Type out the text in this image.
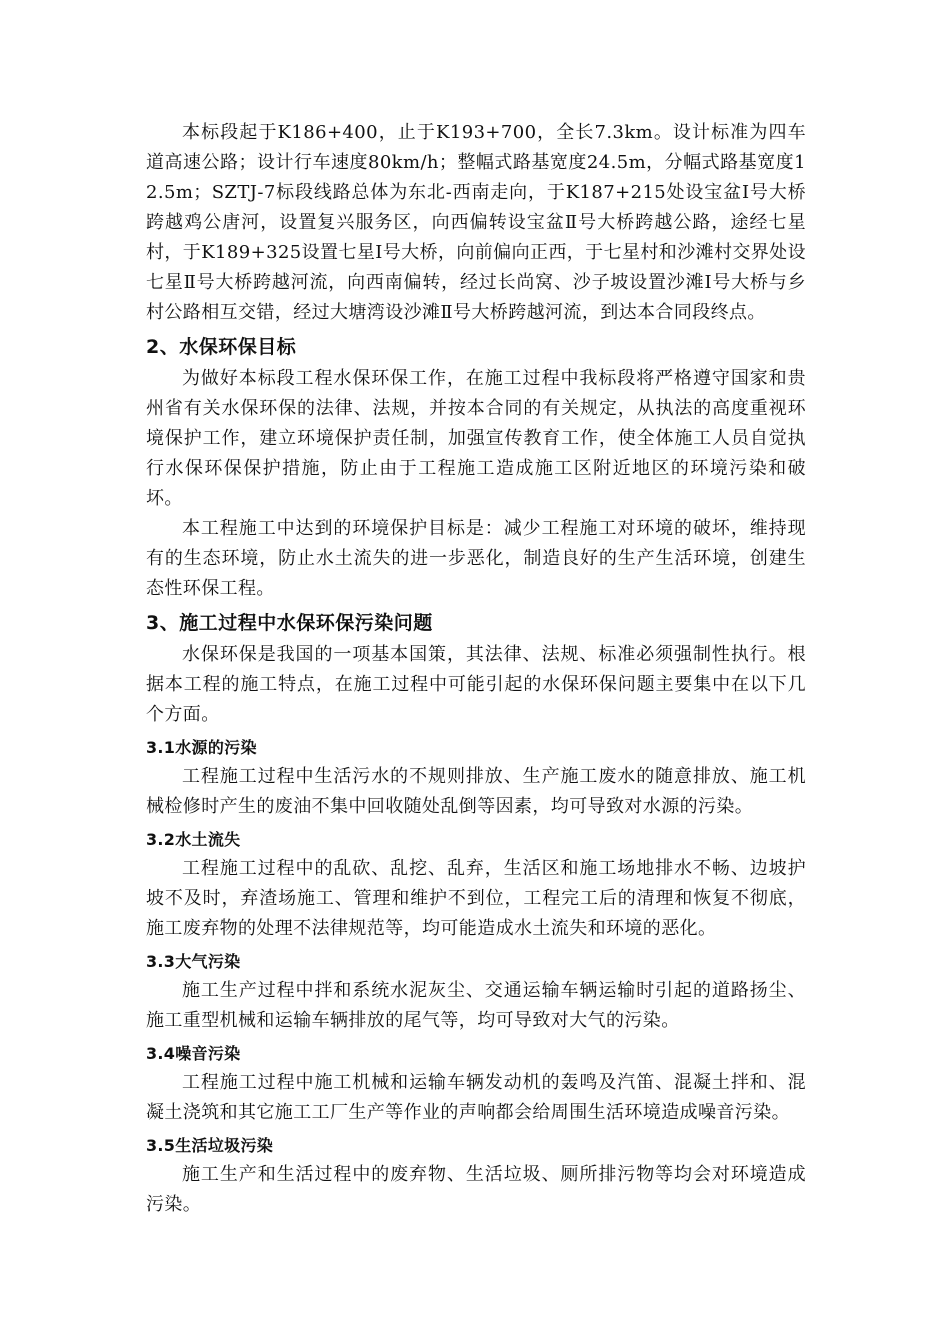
本标段起于K186+400，止于K193+700，全长7.3km。设计标准为四车道高速公路；设计行车速度80km/h；整幅式路基宽度24.5m，分幅式路基宽度12.5m；SZTJ-7标段线路总体为东北-西南走向，于K187+215处设宝盆Ⅰ号大桥跨越鸡公唐河，设置复兴服务区，向西偏转设宝盆Ⅱ号大桥跨越公路，途经七星村，于K189+325设置七星Ⅰ号大桥，向前偏向正西，于七星村和沙滩村交界处设七星Ⅱ号大桥跨越河流，向西南偏转，经过长尚窝、沙子坡设置沙滩Ⅰ号大桥与乡村公路相互交错，经过大塘湾设沙滩Ⅱ号大桥跨越河流，到达本合同段终点。

2、水保环保目标

为做好本标段工程水保环保工作，在施工过程中我标段将严格遵守国家和贵州省有关水保环保的法律、法规，并按本合同的有关规定，从执法的高度重视环境保护工作，建立环境保护责任制，加强宣传教育工作，使全体施工人员自觉执行水保环保保护措施，防止由于工程施工造成施工区附近地区的环境污染和破坏。

本工程施工中达到的环境保护目标是：减少工程施工对环境的破坏，维持现有的生态环境，防止水土流失的进一步恶化，制造良好的生产生活环境，创建生态性环保工程。

3、施工过程中水保环保污染问题

水保环保是我国的一项基本国策，其法律、法规、标准必须强制性执行。根据本工程的施工特点，在施工过程中可能引起的水保环保问题主要集中在以下几个方面。

3.1水源的污染

工程施工过程中生活污水的不规则排放、生产施工废水的随意排放、施工机械检修时产生的废油不集中回收随处乱倒等因素，均可导致对水源的污染。

3.2水土流失

工程施工过程中的乱砍、乱挖、乱弃，生活区和施工场地排水不畅、边坡护坡不及时，弃渣场施工、管理和维护不到位，工程完工后的清理和恢复不彻底，施工废弃物的处理不法律规范等，均可能造成水土流失和环境的恶化。

3.3大气污染

施工生产过程中拌和系统水泥灰尘、交通运输车辆运输时引起的道路扬尘、施工重型机械和运输车辆排放的尾气等，均可导致对大气的污染。

3.4噪音污染

工程施工过程中施工机械和运输车辆发动机的轰鸣及汽笛、混凝土拌和、混凝土浇筑和其它施工工厂生产等作业的声响都会给周围生活环境造成噪音污染。

3.5生活垃圾污染

施工生产和生活过程中的废弃物、生活垃圾、厕所排污物等均会对环境造成污染。
